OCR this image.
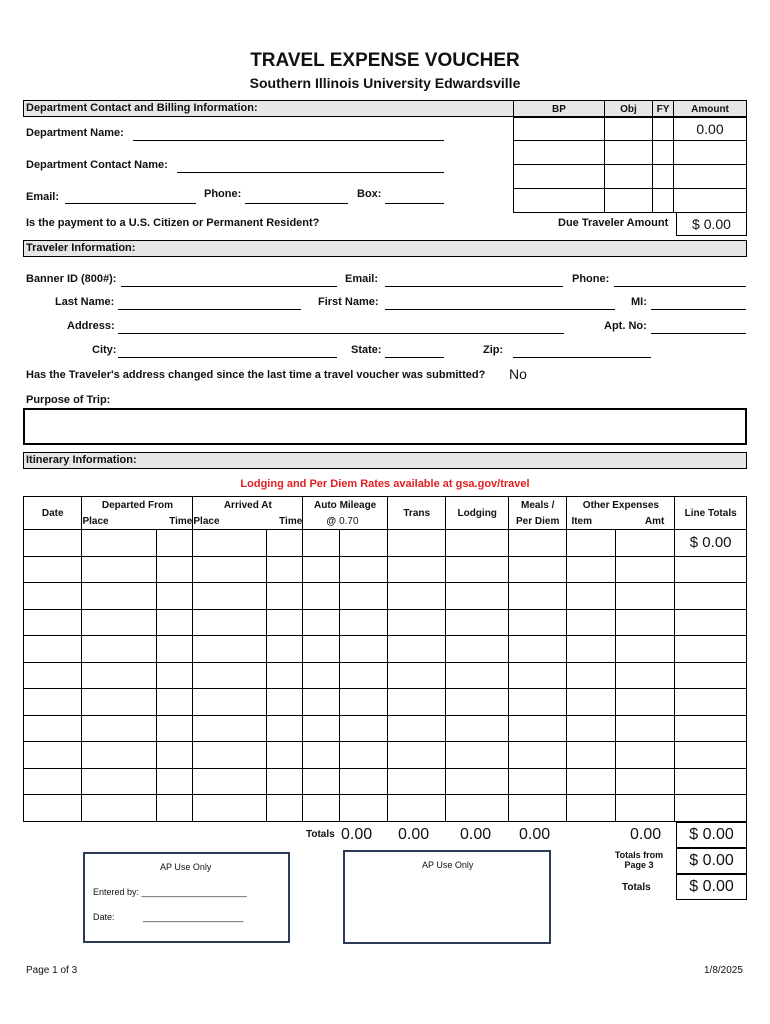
TRAVEL EXPENSE VOUCHER
Southern Illinois University Edwardsville
Department Contact and Billing Information:	BP	Obj	FY	Amount
			0.00

Department Name:
Department Contact Name:
Email:	Phone:	Box:
Is the payment to a U.S. Citizen or Permanent Resident?	Due Traveler Amount	$ 0.00
Traveler Information:
Banner ID (800#):	Email:	Phone:
Last Name:	First Name:	MI:
Address:	Apt. No:
City:	State:	Zip:
Has the Traveler's address changed since the last time a travel voucher was submitted? No
Purpose of Trip:
Itinerary Information:
Lodging and Per Diem Rates available at gsa.gov/travel
Date	Departed From		Arrived At		Auto Mileage		Trans	Lodging	Meals /	Other Expenses		Line Totals
	Place	Time	Place	Time	@	0.70			Per Diem	Item	Amt	
												$ 0.00

Totals 0.00 0.00 0.00 0.00	0.00	$ 0.00
Totals from
Page 3	$ 0.00
Totals	$ 0.00
AP Use Only
Entered by: _____________________
Date:	____________________
AP Use Only
Page 1 of 3	1/8/2025
